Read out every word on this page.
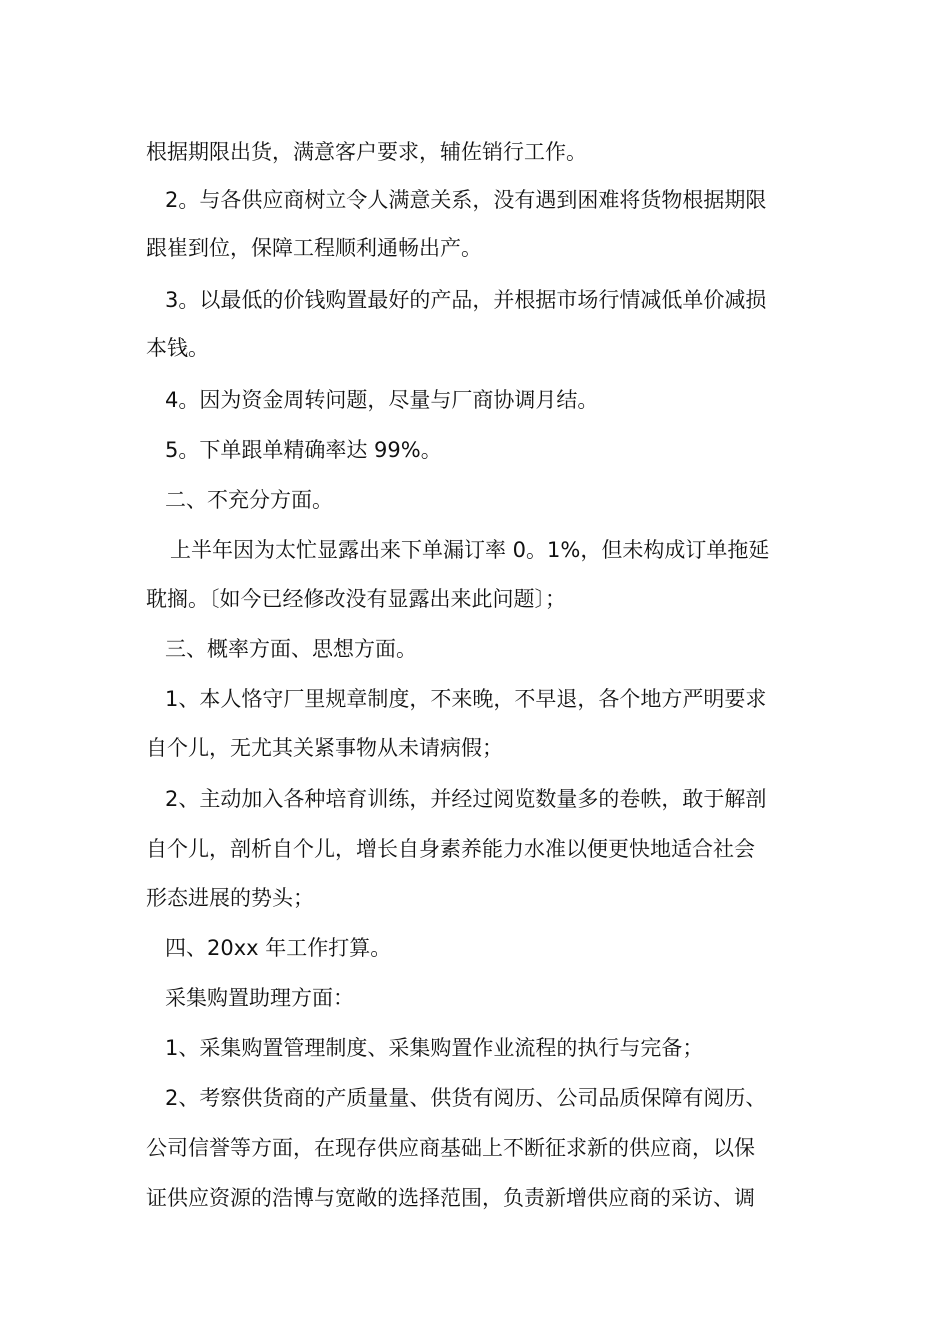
根据期限出货，满意客户要求，辅佐销行工作。
2。与各供应商树立令人满意关系，没有遇到困难将货物根据期限
跟崔到位，保障工程顺利通畅出产。
3。以最低的价钱购置最好的产品，并根据市场行情减低单价减损
本钱。
4。因为资金周转问题，尽量与厂商协调月结。
5。下单跟单精确率达 99%。
二、不充分方面。
上半年因为太忙显露出来下单漏订率 0。1%，但未构成订单拖延
耽搁。〔如今已经修改没有显露出来此问题〕；
三、概率方面、思想方面。
1、本人恪守厂里规章制度，不来晚，不早退，各个地方严明要求
自个儿，无尤其关紧事物从未请病假；
2、主动加入各种培育训练，并经过阅览数量多的卷帙，敢于解剖
自个儿，剖析自个儿，增长自身素养能力水准以便更快地适合社会
形态进展的势头；
四、20xx 年工作打算。
采集购置助理方面：
1、采集购置管理制度、采集购置作业流程的执行与完备；
2、考察供货商的产质量量、供货有阅历、公司品质保障有阅历、
公司信誉等方面，在现存供应商基础上不断征求新的供应商，以保
证供应资源的浩博与宽敞的选择范围，负责新增供应商的采访、调
